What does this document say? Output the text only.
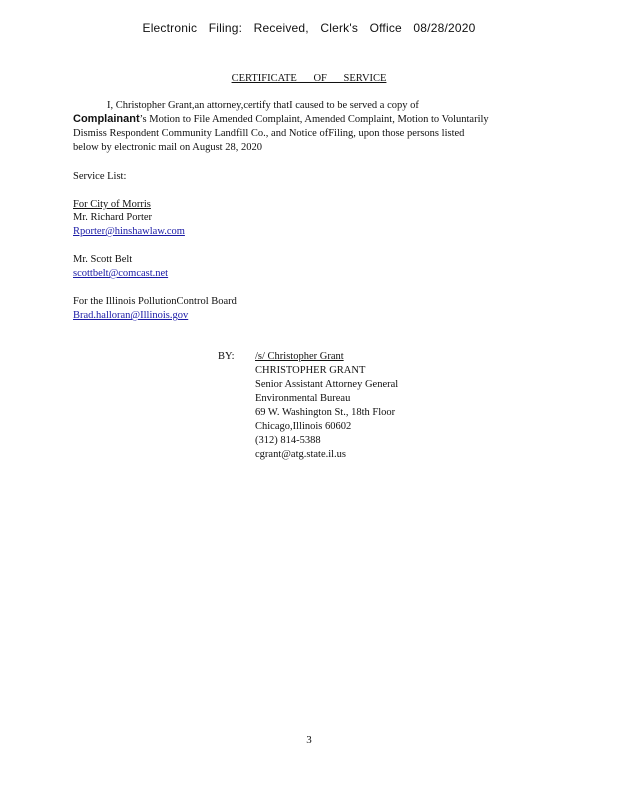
Electronic Filing: Received, Clerk's Office 08/28/2020
CERTIFICATE OF SERVICE
I, Christopher Grant,an attorney,certify thatI caused to be served a copy of
Complainant’s Motion to File Amended Complaint, Amended Complaint, Motion to Voluntarily
Dismiss Respondent Community Landfill Co., and Notice ofFiling, upon those persons listed
below by electronic mail on August 28, 2020
Service List:
For City of Morris
Mr. Richard Porter
Rporter@hinshawlaw.com
Mr. Scott Belt
scottbelt@comcast.net
For the Illinois PollutionControl Board
Brad.halloran@Illinois.gov
BY: /s/ Christopher Grant
CHRISTOPHER GRANT
Senior Assistant Attorney General
Environmental Bureau
69 W. Washington St., 18th Floor
Chicago,Illinois 60602
(312) 814-5388
cgrant@atg.state.il.us
3
